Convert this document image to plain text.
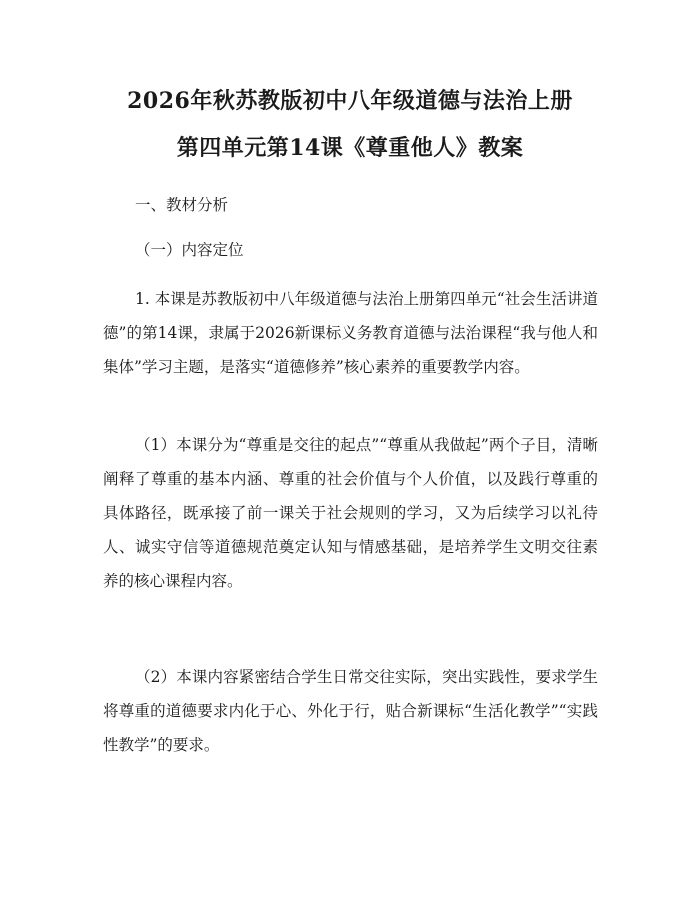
2026年秋苏教版初中八年级道德与法治上册
第四单元第14课《尊重他人》教案

一、教材分析

（一）内容定位

1. 本课是苏教版初中八年级道德与法治上册第四单元“社会生活讲道德”的第14课，隶属于2026新课标义务教育道德与法治课程“我与他人和集体”学习主题，是落实“道德修养”核心素养的重要教学内容。

（1）本课分为“尊重是交往的起点”“尊重从我做起”两个子目，清晰阐释了尊重的基本内涵、尊重的社会价值与个人价值，以及践行尊重的具体路径，既承接了前一课关于社会规则的学习，又为后续学习以礼待人、诚实守信等道德规范奠定认知与情感基础，是培养学生文明交往素养的核心课程内容。

（2）本课内容紧密结合学生日常交往实际，突出实践性，要求学生将尊重的道德要求内化于心、外化于行，贴合新课标“生活化教学”“实践性教学”的要求。
